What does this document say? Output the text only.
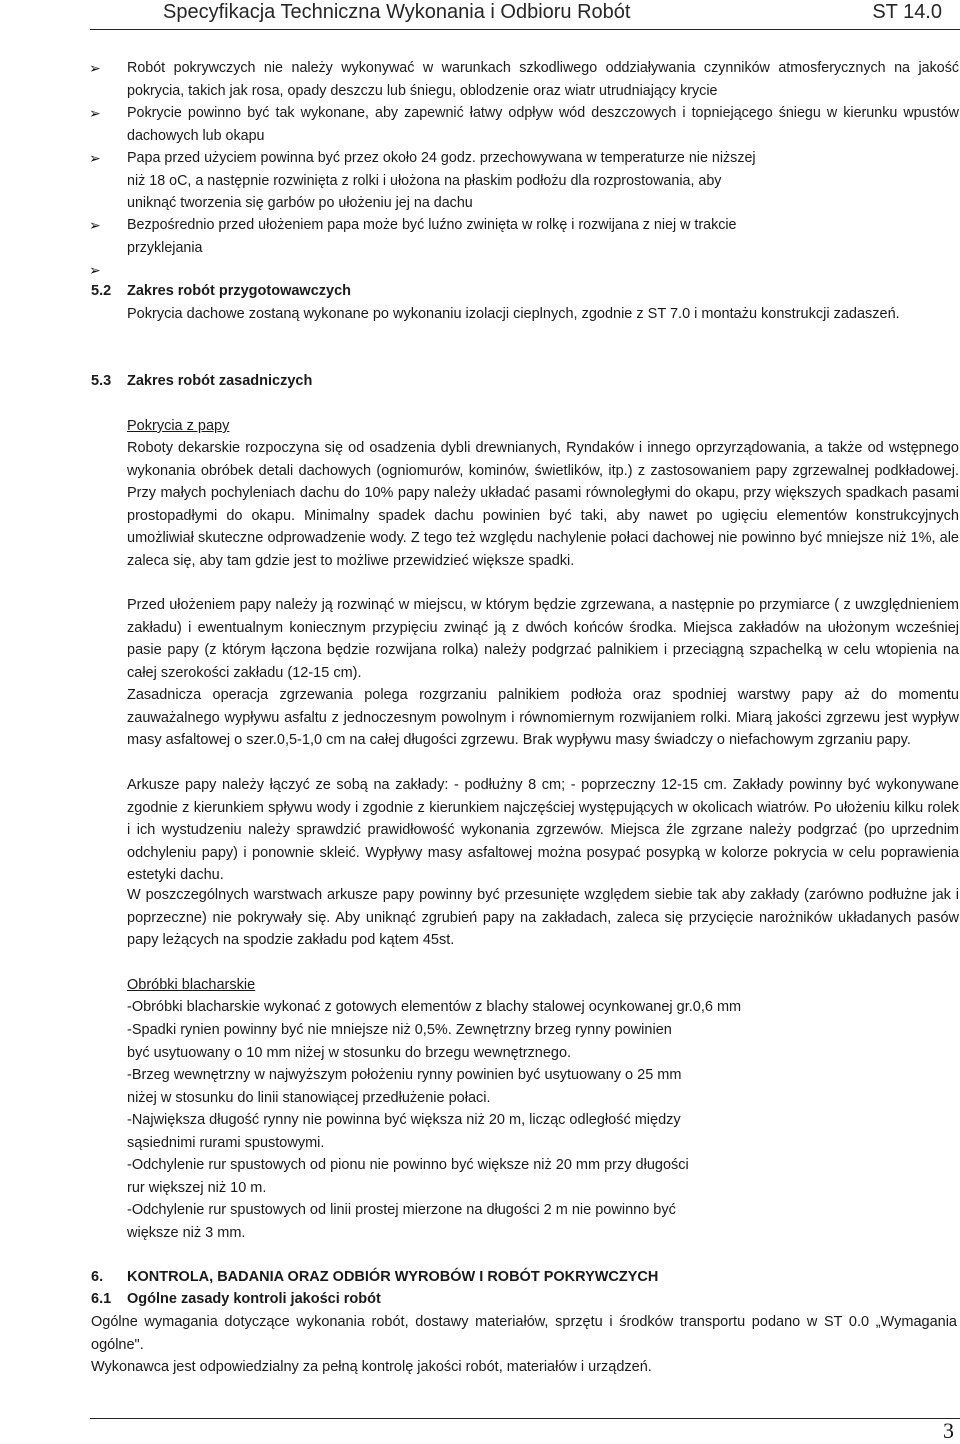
Specyfikacja Techniczna Wykonania i Odbioru Robót	ST 14.0
➢ Robót pokrywczych nie należy wykonywać w warunkach szkodliwego oddziaływania czynników atmosferycznych na jakość pokrycia, takich jak rosa, opady deszczu lub śniegu, oblodzenie oraz wiatr utrudniający krycie
➢ Pokrycie powinno być tak wykonane, aby zapewnić łatwy odpływ wód deszczowych i topniejącego śniegu w kierunku wpustów dachowych lub okapu
➢ Papa przed użyciem powinna być przez około 24 godz. przechowywana w temperaturze nie niższej niż 18 oC, a następnie rozwinięta z rolki i ułożona na płaskim podłożu dla rozprostowania, aby uniknąć tworzenia się garbów po ułożeniu jej na dachu
➢ Bezpośrednio przed ułożeniem papa może być luźno zwinięta w rolkę i rozwijana z niej w trakcie przyklejania
➢
5.2 Zakres robót przygotowawczych
Pokrycia dachowe zostaną wykonane po wykonaniu izolacji cieplnych, zgodnie z ST 7.0 i montażu konstrukcji zadaszeń.
5.3 Zakres robót zasadniczych
Pokrycia z papy
Roboty dekarskie rozpoczyna się od osadzenia dybli drewnianych, Ryndaków i innego oprzyrządowania, a także od wstępnego wykonania obróbek detali dachowych (ogniomurów, kominów, świetlików, itp.) z zastosowaniem papy zgrzewalnej podkładowej. Przy małych pochyleniach dachu do 10% papy należy układać pasami równoległymi do okapu, przy większych spadkach pasami prostopadłymi do okapu. Minimalny spadek dachu powinien być taki, aby nawet po ugięciu elementów konstrukcyjnych umożliwiał skuteczne odprowadzenie wody. Z tego też względu nachylenie połaci dachowej nie powinno być mniejsze niż 1%, ale zaleca się, aby tam gdzie jest to możliwe przewidzieć większe spadki.
Przed ułożeniem papy należy ją rozwinąć w miejscu, w którym będzie zgrzewana, a następnie po przymiarce ( z uwzględnieniem zakładu) i ewentualnym koniecznym przypięciu zwinąć ją z dwóch końców środka. Miejsca zakładów na ułożonym wcześniej pasie papy (z którym łączona będzie rozwijana rolka) należy podgrzać palnikiem i przeciągną szpachelką w celu wtopienia na całej szerokości zakładu (12-15 cm).
Zasadnicza operacja zgrzewania polega rozgrzaniu palnikiem podłoża oraz spodniej warstwy papy aż do momentu zauważalnego wypływu asfaltu z jednoczesnym powolnym i równomiernym rozwijaniem rolki. Miarą jakości zgrzewu jest wypływ masy asfaltowej o szer.0,5-1,0 cm na całej długości zgrzewu. Brak wypływu masy świadczy o niefachowym zgrzaniu papy.
Arkusze papy należy łączyć ze sobą na zakłady: - podłużny 8 cm; - poprzeczny 12-15 cm. Zakłady powinny być wykonywane zgodnie z kierunkiem spływu wody i zgodnie z kierunkiem najczęściej występujących w okolicach wiatrów. Po ułożeniu kilku rolek i ich wystudzeniu należy sprawdzić prawidłowość wykonania zgrzewów. Miejsca źle zgrzane należy podgrzać (po uprzednim odchyleniu papy) i ponownie skleić. Wypływy masy asfaltowej można posypać posypką w kolorze pokrycia w celu poprawienia estetyki dachu.
W poszczególnych warstwach arkusze papy powinny być przesunięte względem siebie tak aby zakłady (zarówno podłużne jak i poprzeczne) nie pokrywały się. Aby uniknąć zgrubień papy na zakładach, zaleca się przycięcie narożników układanych pasów papy leżących na spodzie zakładu pod kątem 45st.
Obróbki blacharskie
-Obróbki blacharskie wykonać z gotowych elementów z blachy stalowej ocynkowanej gr.0,6 mm
-Spadki rynien powinny być nie mniejsze niż 0,5%. Zewnętrzny brzeg rynny powinien
być usytuowany o 10 mm niżej w stosunku do brzegu wewnętrznego.
-Brzeg wewnętrzny w najwyższym położeniu rynny powinien być usytuowany o 25 mm
niżej w stosunku do linii stanowiącej przedłużenie połaci.
-Największa długość rynny nie powinna być większa niż 20 m, licząc odległość między
sąsiednimi rurami spustowymi.
-Odchylenie rur spustowych od pionu nie powinno być większe niż 20 mm przy długości
rur większej niż 10 m.
-Odchylenie rur spustowych od linii prostej mierzone na długości 2 m nie powinno być
większe niż 3 mm.
6. KONTROLA, BADANIA ORAZ ODBIÓR WYROBÓW I ROBÓT POKRYWCZYCH
6.1 Ogólne zasady kontroli jakości robót
Ogólne wymagania dotyczące wykonania robót, dostawy materiałów, sprzętu i środków transportu podano w ST 0.0 „Wymagania ogólne".
Wykonawca jest odpowiedzialny za pełną kontrolę jakości robót, materiałów i urządzeń.
3
